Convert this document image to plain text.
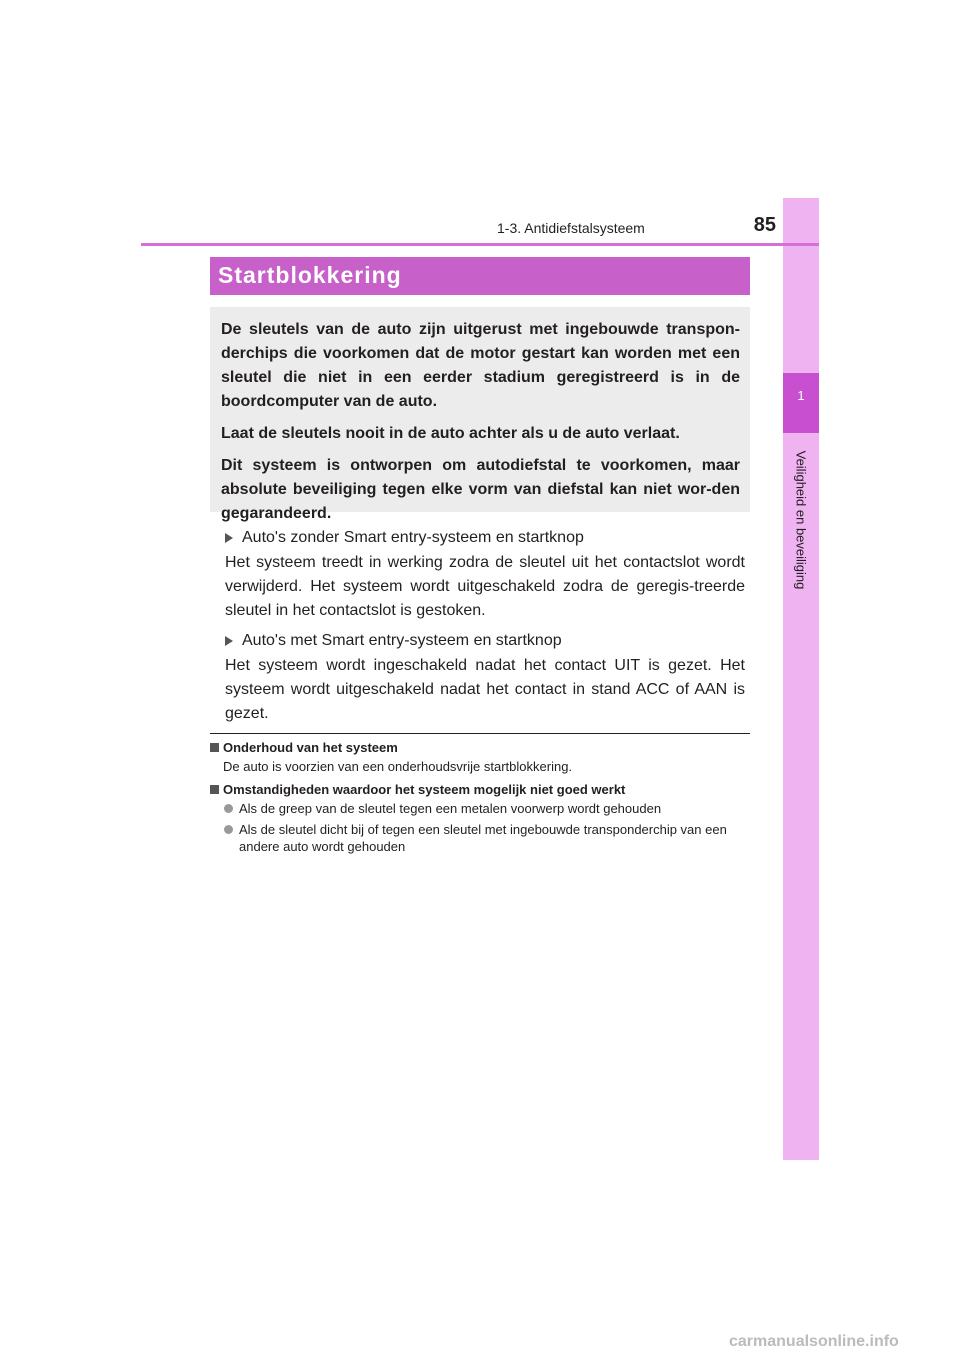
1
Veiligheid en beveiliging
1-3. Antidiefstalsysteem	85
Startblokkering

De sleutels van de auto zijn uitgerust met ingebouwde transpon-derchips die voorkomen dat de motor gestart kan worden met een sleutel die niet in een eerder stadium geregistreerd is in de boordcomputer van de auto.

Laat de sleutels nooit in de auto achter als u de auto verlaat.

Dit systeem is ontworpen om autodiefstal te voorkomen, maar absolute beveiliging tegen elke vorm van diefstal kan niet wor-den gegarandeerd.

Auto's zonder Smart entry-systeem en startknop

Het systeem treedt in werking zodra de sleutel uit het contactslot wordt verwijderd. Het systeem wordt uitgeschakeld zodra de geregis-treerde sleutel in het contactslot is gestoken.

Auto's met Smart entry-systeem en startknop

Het systeem wordt ingeschakeld nadat het contact UIT is gezet. Het systeem wordt uitgeschakeld nadat het contact in stand ACC of AAN is gezet.

Onderhoud van het systeem
De auto is voorzien van een onderhoudsvrije startblokkering.
Omstandigheden waardoor het systeem mogelijk niet goed werkt
Als de greep van de sleutel tegen een metalen voorwerp wordt gehouden
Als de sleutel dicht bij of tegen een sleutel met ingebouwde transponderchip van een andere auto wordt gehouden
carmanualsonline.info
